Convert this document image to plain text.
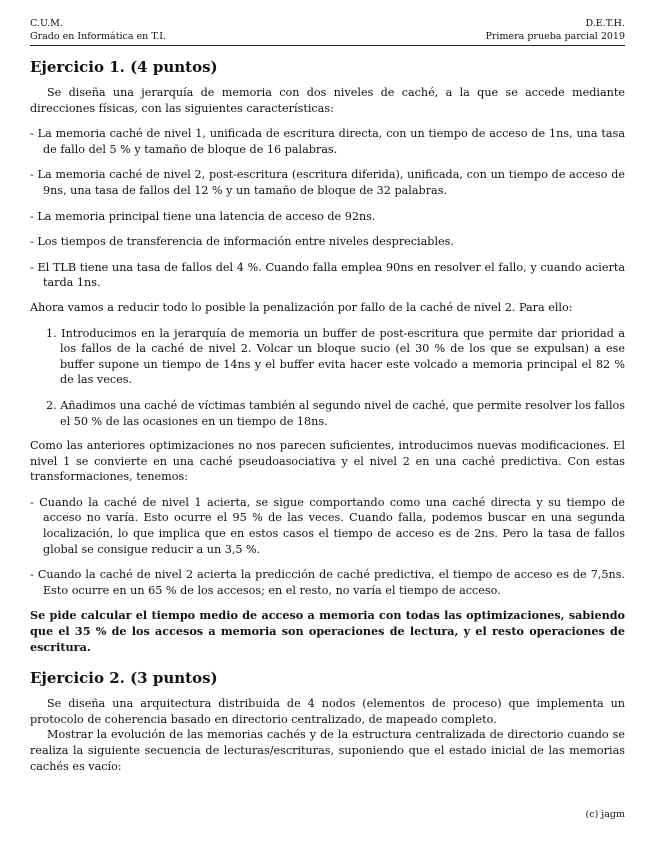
C.U.M.
Grado en Informática en T.I.
D.E.T.H.
Primera prueba parcial 2019
Ejercicio 1. (4 puntos)

Se diseña una jerarquía de memoria con dos niveles de caché, a la que se accede mediante direcciones físicas, con las siguientes características:

- La memoria caché de nivel 1, unificada de escritura directa, con un tiempo de acceso de 1ns, una tasa de fallo del 5 % y tamaño de bloque de 16 palabras.
- La memoria caché de nivel 2, post-escritura (escritura diferida), unificada, con un tiempo de acceso de 9ns, una tasa de fallos del 12 % y un tamaño de bloque de 32 palabras.
- La memoria principal tiene una latencia de acceso de 92ns.
- Los tiempos de transferencia de información entre niveles despreciables.
- El TLB tiene una tasa de fallos del 4 %. Cuando falla emplea 90ns en resolver el fallo, y cuando acierta tarda 1ns.

Ahora vamos a reducir todo lo posible la penalización por fallo de la caché de nivel 2. Para ello:

1. Introducimos en la jerarquía de memoria un buffer de post-escritura que permite dar prioridad a los fallos de la caché de nivel 2. Volcar un bloque sucio (el 30 % de los que se expulsan) a ese buffer supone un tiempo de 14ns y el buffer evita hacer este volcado a memoria principal el 82 % de las veces.
2. Añadimos una caché de víctimas también al segundo nivel de caché, que permite resolver los fallos el 50 % de las ocasiones en un tiempo de 18ns.

Como las anteriores optimizaciones no nos parecen suficientes, introducimos nuevas modificaciones. El nivel 1 se convierte en una caché pseudoasociativa y el nivel 2 en una caché predictiva. Con estas transformaciones, tenemos:

- Cuando la caché de nivel 1 acierta, se sigue comportando como una caché directa y su tiempo de acceso no varía. Esto ocurre el 95 % de las veces. Cuando falla, podemos buscar en una segunda localización, lo que implica que en estos casos el tiempo de acceso es de 2ns. Pero la tasa de fallos global se consigue reducir a un 3,5 %.
- Cuando la caché de nivel 2 acierta la predicción de caché predictiva, el tiempo de acceso es de 7,5ns. Esto ocurre en un 65 % de los accesos; en el resto, no varía el tiempo de acceso.

Se pide calcular el tiempo medio de acceso a memoria con todas las optimizaciones, sabiendo que el 35 % de los accesos a memoria son operaciones de lectura, y el resto operaciones de escritura.

Ejercicio 2. (3 puntos)

Se diseña una arquitectura distribuida de 4 nodos (elementos de proceso) que implementa un protocolo de coherencia basado en directorio centralizado, de mapeado completo.

Mostrar la evolución de las memorias cachés y de la estructura centralizada de directorio cuando se realiza la siguiente secuencia de lecturas/escrituras, suponiendo que el estado inicial de las memorias cachés es vacío:

(c) jagm
